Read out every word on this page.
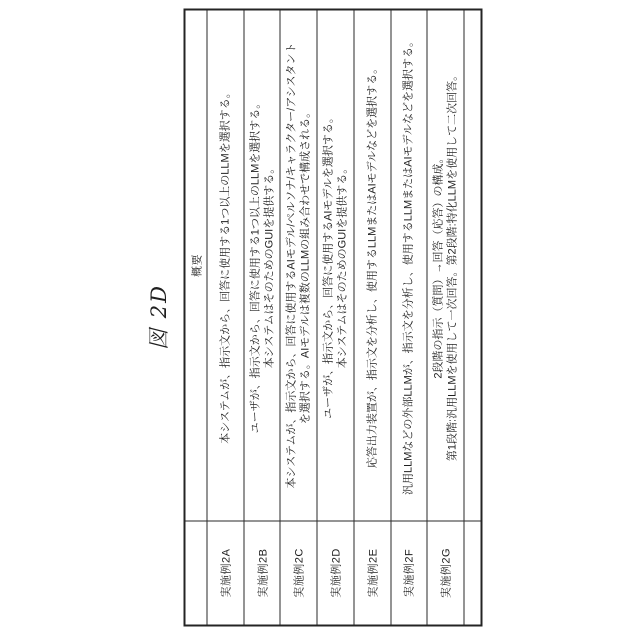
図 2D
概要
実施例2A
本システムが、指示文から、回答に使用する1つ以上のLLMを選択する。
実施例2B
ユーザが、指示文から、回答に使用する1つ以上のLLMを選択する。 本システムはそのためのGUIを提供する。
実施例2C
本システムが、指示文から、回答に使用するAIモデル/ペルソナ/キャラクター/アシスタント を選択する。AIモデルは複数のLLMの組み合わせで構成される。
実施例2D
ユーザが、指示文から、回答に使用するAIモデルを選択する。 本システムはそのためのGUIを提供する。
実施例2E
応答出力装置が、指示文を分析し、使用するLLMまたはAIモデルなどを選択する。
実施例2F
汎用LLMなどの外部LLMが、指示文を分析し、使用するLLMまたはAIモデルなどを選択する。
実施例2G
2段階の指示（質問）→回答（応答）の構成。 第1段階:汎用LLMを使用して一次回答。第2段階:特化LLMを使用して二次回答。
